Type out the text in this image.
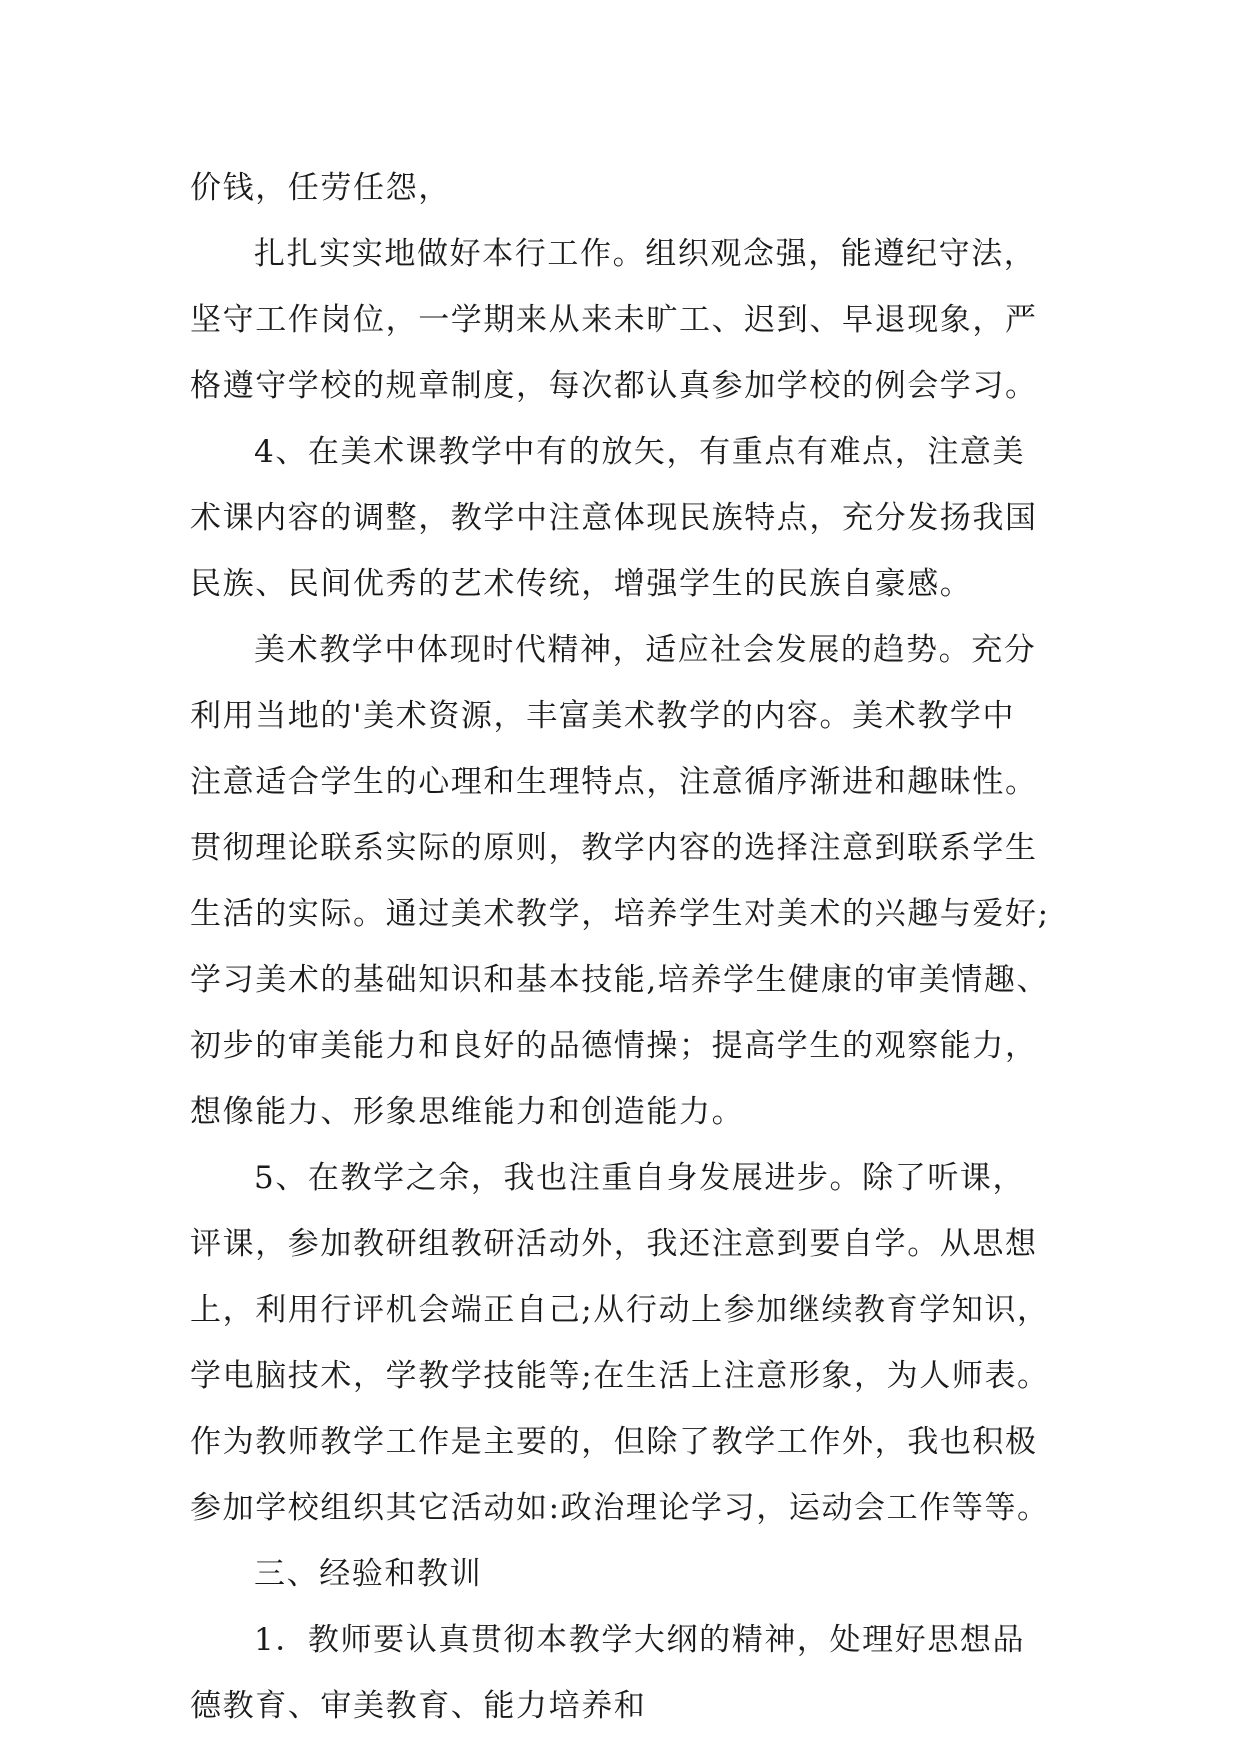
价钱，任劳任怨，
扎扎实实地做好本行工作。组织观念强，能遵纪守法，
坚守工作岗位，一学期来从来未旷工、迟到、早退现象，严
格遵守学校的规章制度，每次都认真参加学校的例会学习。
4、在美术课教学中有的放矢，有重点有难点，注意美
术课内容的调整，教学中注意体现民族特点，充分发扬我国
民族、民间优秀的艺术传统，增强学生的民族自豪感。
美术教学中体现时代精神，适应社会发展的趋势。充分
利用当地的'美术资源，丰富美术教学的内容。美术教学中
注意适合学生的心理和生理特点，注意循序渐进和趣昧性。
贯彻理论联系实际的原则，教学内容的选择注意到联系学生
生活的实际。通过美术教学，培养学生对美术的兴趣与爱好;
学习美术的基础知识和基本技能,培养学生健康的审美情趣、
初步的审美能力和良好的品德情操；提高学生的观察能力，
想像能力、形象思维能力和创造能力。
5、在教学之余，我也注重自身发展进步。除了听课，
评课，参加教研组教研活动外，我还注意到要自学。从思想
上，利用行评机会端正自己;从行动上参加继续教育学知识，
学电脑技术，学教学技能等;在生活上注意形象，为人师表。
作为教师教学工作是主要的，但除了教学工作外，我也积极
参加学校组织其它活动如:政治理论学习，运动会工作等等。
三、经验和教训
1．教师要认真贯彻本教学大纲的精神，处理好思想品
德教育、审美教育、能力培养和
